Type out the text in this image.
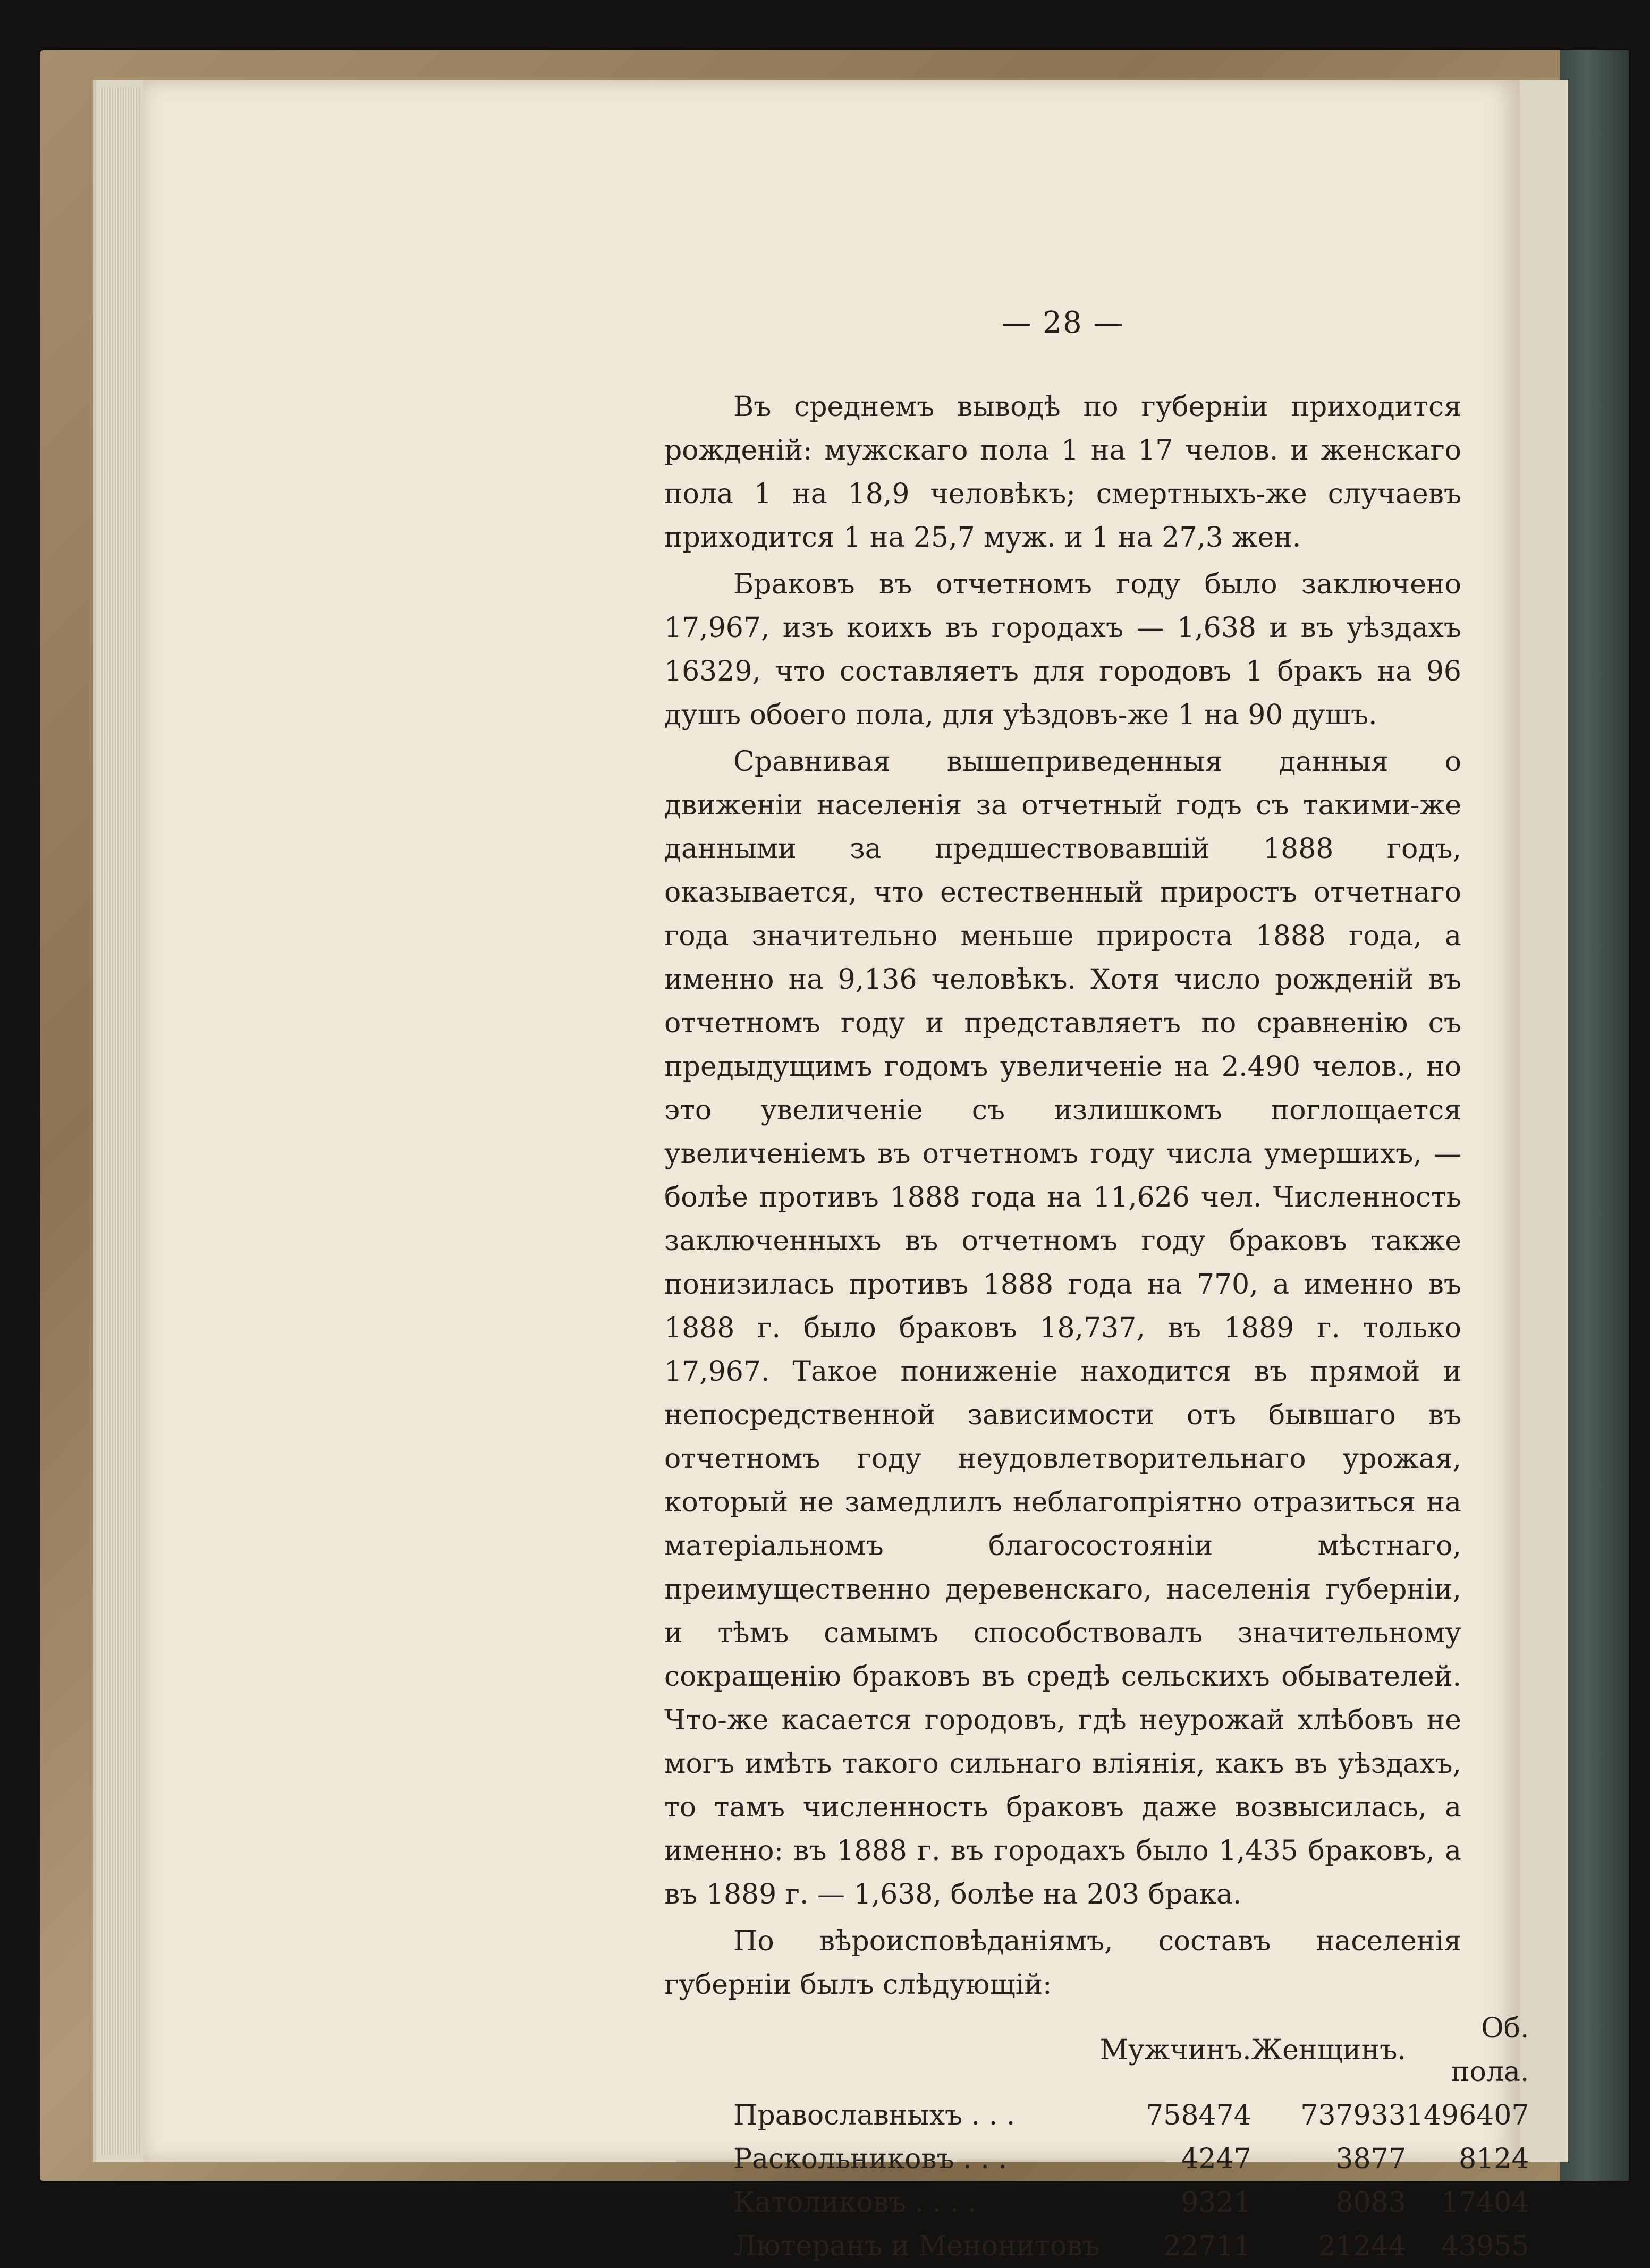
— 28 —

Въ среднемъ выводѣ по губерніи приходится рожденій: мужскаго пола 1 на 17 челов. и женскаго пола 1 на 18,9 человѣкъ; смертныхъ-же случаевъ приходится 1 на 25,7 муж. и 1 на 27,3 жен.

Браковъ въ отчетномъ году было заключено 17,967, изъ коихъ въ городахъ — 1,638 и въ уѣздахъ 16329, что составляетъ для городовъ 1 бракъ на 96 душъ обоего пола, для уѣздовъ-же 1 на 90 душъ.

Сравнивая вышеприведенныя данныя о движеніи населенія за отчетный годъ съ такими-же данными за предшествовавшій 1888 годъ, оказывается, что естественный приростъ отчетнаго года значительно меньше прироста 1888 года, а именно на 9,136 человѣкъ. Хотя число рожденій въ отчетномъ году и представляетъ по сравненію съ предыдущимъ годомъ увеличеніе на 2.490 челов., но это увеличеніе съ излишкомъ поглощается увеличеніемъ въ отчетномъ году числа умершихъ, — болѣе противъ 1888 года на 11,626 чел. Численность заключенныхъ въ отчетномъ году браковъ также понизилась противъ 1888 года на 770, а именно въ 1888 г. было браковъ 18,737, въ 1889 г. только 17,967. Такое пониженіе находится въ прямой и непосредственной зависимости отъ бывшаго въ отчетномъ году неудовлетворительнаго урожая, который не замедлилъ неблагопріятно отразиться на матеріальномъ благосостояніи мѣстнаго, преимущественно деревенскаго, населенія губерніи, и тѣмъ самымъ способствовалъ значительному сокращенію браковъ въ средѣ сельскихъ обывателей. Что-же касается городовъ, гдѣ неурожай хлѣбовъ не могъ имѣть такого сильнаго вліянія, какъ въ уѣздахъ, то тамъ численность браковъ даже возвысилась, а именно: въ 1888 г. въ городахъ было 1,435 браковъ, а въ 1889 г. — 1,638, болѣе на 203 брака.

По вѣроисповѣданіямъ, составъ населенія губерніи былъ слѣдующій:

	Мужчинъ.	Женщинъ.	Об. пола.
Православныхъ . . .	758474	737933	1496407
Раскольниковъ . . .	4247	3877	8124
Католиковъ . . . .	9321	8083	17404
Лютеранъ и Менонитовъ	22711	21244	43955
